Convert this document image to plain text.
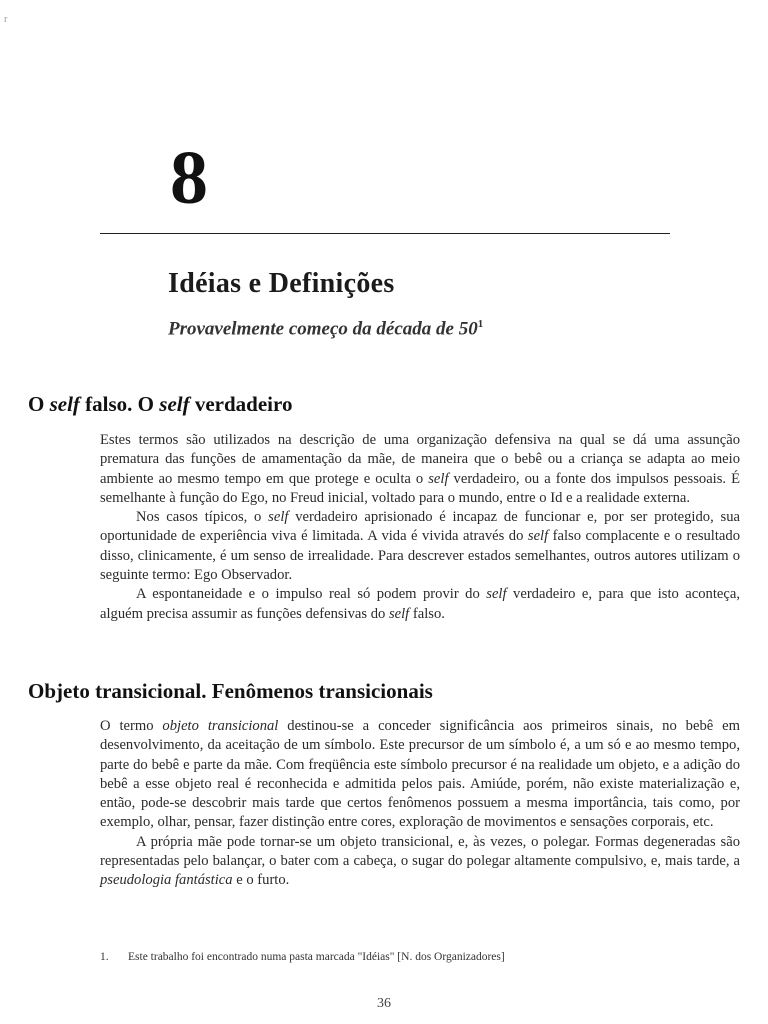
r
8
Idéias e Definições
Provavelmente começo da década de $50^1$
O self falso. O self verdadeiro

Estes termos são utilizados na descrição de uma organização defensiva na qual se dá uma assunção prematura das funções de amamentação da mãe, de maneira que o bebê ou a criança se adapta ao meio ambiente ao mesmo tempo em que protege e oculta o self verdadeiro, ou a fonte dos impulsos pessoais. É semelhante à função do Ego, no Freud inicial, voltado para o mundo, entre o Id e a realidade externa.

Nos casos típicos, o self verdadeiro aprisionado é incapaz de funcionar e, por ser protegido, sua oportunidade de experiência viva é limitada. A vida é vivida através do self falso complacente e o resultado disso, clinicamente, é um senso de irrealidade. Para descrever estados semelhantes, outros autores utilizam o seguinte termo: Ego Observador.

A espontaneidade e o impulso real só podem provir do self verdadeiro e, para que isto aconteça, alguém precisa assumir as funções defensivas do self falso.

Objeto transicional. Fenômenos transicionais

O termo objeto transicional destinou-se a conceder significância aos primeiros sinais, no bebê em desenvolvimento, da aceitação de um símbolo. Este precursor de um símbolo é, a um só e ao mesmo tempo, parte do bebê e parte da mãe. Com freqüência este símbolo precursor é na realidade um objeto, e a adição do bebê a esse objeto real é reconhecida e admitida pelos pais. Amiúde, porém, não existe materialização e, então, pode-se descobrir mais tarde que certos fenômenos possuem a mesma importância, tais como, por exemplo, olhar, pensar, fazer distinção entre cores, exploração de movimentos e sensações corporais, etc.

A própria mãe pode tornar-se um objeto transicional, e, às vezes, o polegar. Formas degeneradas são representadas pelo balançar, o bater com a cabeça, o sugar do polegar altamente compulsivo, e, mais tarde, a pseudologia fantástica e o furto.

1. Este trabalho foi encontrado numa pasta marcada "Idéias" [N. dos Organizadores]

36
